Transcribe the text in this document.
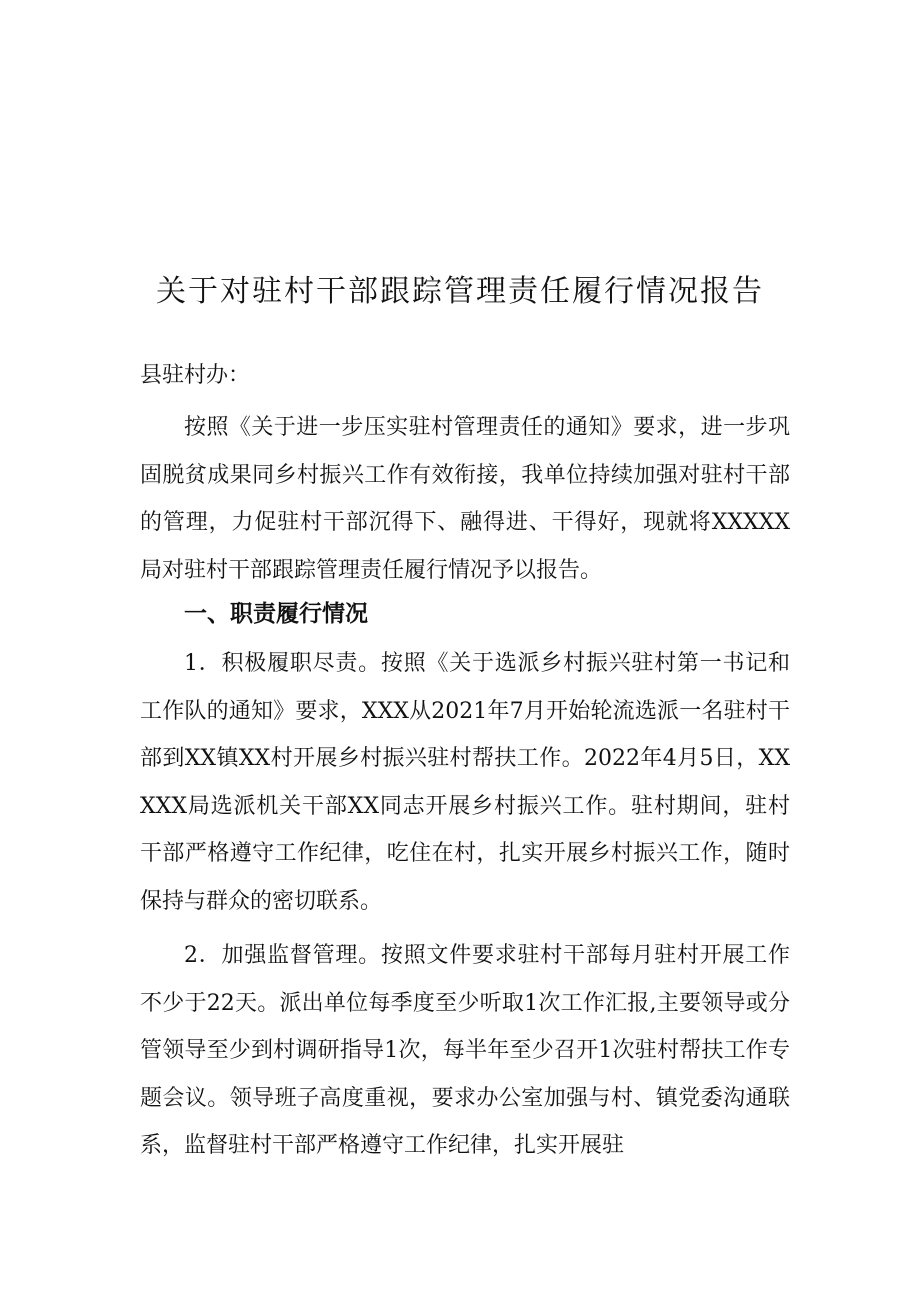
关于对驻村干部跟踪管理责任履行情况报告

县驻村办：

按照《关于进一步压实驻村管理责任的通知》要求，进一步巩固脱贫成果同乡村振兴工作有效衔接，我单位持续加强对驻村干部的管理，力促驻村干部沉得下、融得进、干得好，现就将XXXXX局对驻村干部跟踪管理责任履行情况予以报告。

一、职责履行情况

1．积极履职尽责。按照《关于选派乡村振兴驻村第一书记和工作队的通知》要求，XXX从2021年7月开始轮流选派一名驻村干部到XX镇XX村开展乡村振兴驻村帮扶工作。2022年4月5日，XXXXX局选派机关干部XX同志开展乡村振兴工作。驻村期间，驻村干部严格遵守工作纪律，吃住在村，扎实开展乡村振兴工作，随时保持与群众的密切联系。

2．加强监督管理。按照文件要求驻村干部每月驻村开展工作不少于22天。派出单位每季度至少听取1次工作汇报,主要领导或分管领导至少到村调研指导1次，每半年至少召开1次驻村帮扶工作专题会议。领导班子高度重视，要求办公室加强与村、镇党委沟通联系，监督驻村干部严格遵守工作纪律，扎实开展驻
